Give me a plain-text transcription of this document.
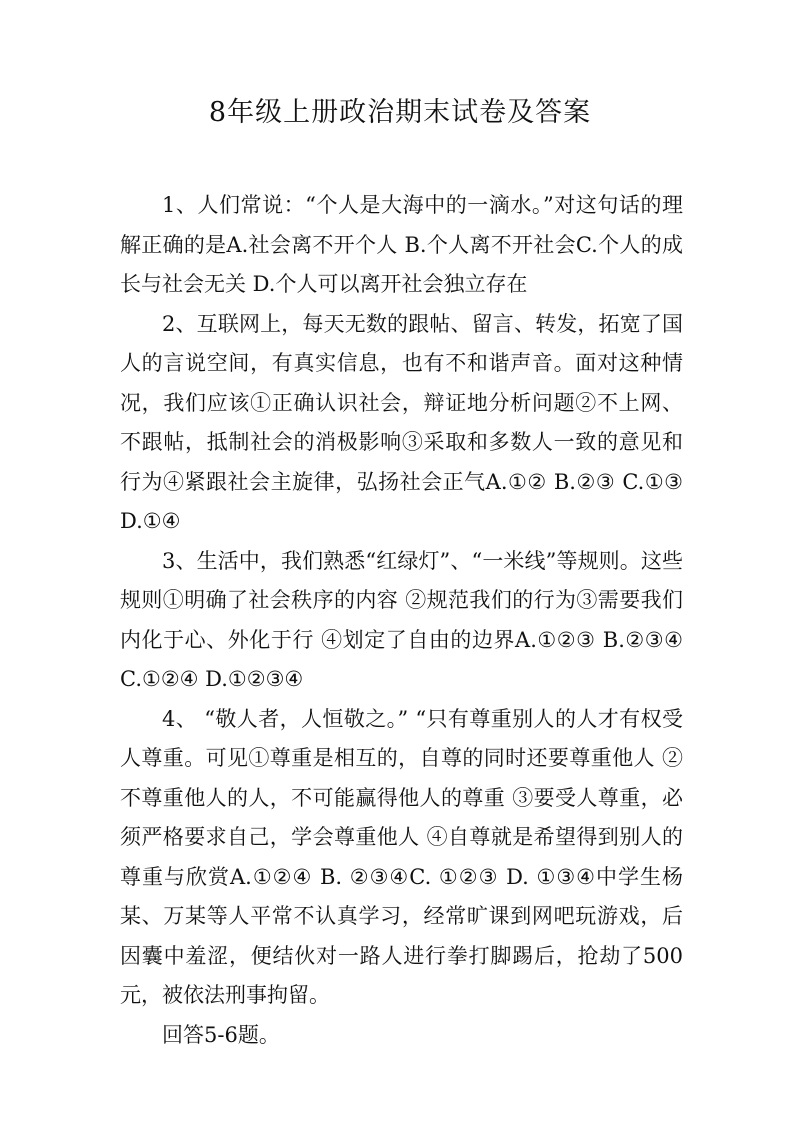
8年级上册政治期末试卷及答案

1、人们常说：“个人是大海中的一滴水。”对这句话的理解正确的是A.社会离不开个人 B.个人离不开社会C.个人的成长与社会无关 D.个人可以离开社会独立存在

2、互联网上，每天无数的跟帖、留言、转发，拓宽了国人的言说空间，有真实信息，也有不和谐声音。面对这种情况，我们应该①正确认识社会，辩证地分析问题②不上网、不跟帖，抵制社会的消极影响③采取和多数人一致的意见和行为④紧跟社会主旋律，弘扬社会正气A.①② B.②③ C.①③ D.①④

3、生活中，我们熟悉“红绿灯”、“一米线”等规则。这些规则①明确了社会秩序的内容 ②规范我们的行为③需要我们内化于心、外化于行 ④划定了自由的边界A.①②③ B.②③④ C.①②④ D.①②③④

4、 “敬人者，人恒敬之。” “只有尊重别人的人才有权受人尊重。可见①尊重是相互的，自尊的同时还要尊重他人 ②不尊重他人的人，不可能赢得他人的尊重 ③要受人尊重，必须严格要求自己，学会尊重他人 ④自尊就是希望得到别人的尊重与欣赏A.①②④ B. ②③④C. ①②③ D. ①③④中学生杨某、万某等人平常不认真学习，经常旷课到网吧玩游戏，后因囊中羞涩，便结伙对一路人进行拳打脚踢后，抢劫了500元，被依法刑事拘留。

回答5-6题。
